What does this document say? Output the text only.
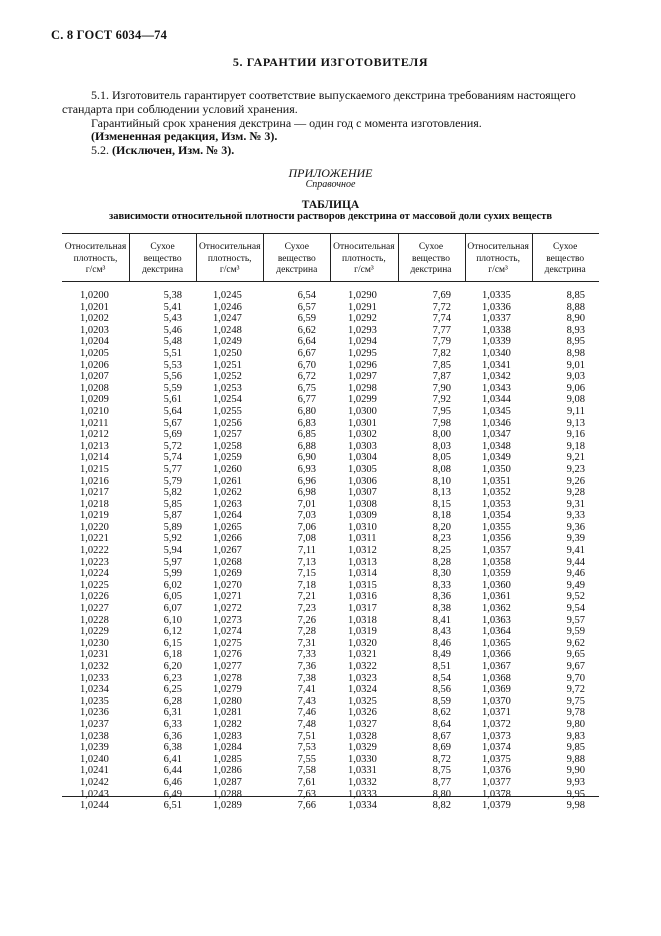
С. 8 ГОСТ 6034—74
5. ГАРАНТИИ ИЗГОТОВИТЕЛЯ
5.1. Изготовитель гарантирует соответствие выпускаемого декстрина требованиям настоящего
стандарта при соблюдении условий хранения.
Гарантийный срок хранения декстрина — один год с момента изготовления.
(Измененная редакция, Изм. № 3).
5.2. (Исключен, Изм. № 3).
ПРИЛОЖЕНИЕ
Справочное
ТАБЛИЦА
зависимости относительной плотности растворов декстрина от массовой доли сухих веществ
Относительная
плотность,
г/см³
Сухое
вещество
декстрина
Относительная
плотность,
г/см³
Сухое
вещество
декстрина
Относительная
плотность,
г/см³
Сухое
вещество
декстрина
Относительная
плотность,
г/см³
Сухое
вещество
декстрина
1,0200
1,0201
1,0202
1,0203
1,0204
1,0205
1,0206
1,0207
1,0208
1,0209
1,0210
1,0211
1,0212
1,0213
1,0214
1,0215
1,0216
1,0217
1,0218
1,0219
1,0220
1,0221
1,0222
1,0223
1,0224
1,0225
1,0226
1,0227
1,0228
1,0229
1,0230
1,0231
1,0232
1,0233
1,0234
1,0235
1,0236
1,0237
1,0238
1,0239
1,0240
1,0241
1,0242
1,0243
1,0244
5,38
5,41
5,43
5,46
5,48
5,51
5,53
5,56
5,59
5,61
5,64
5,67
5,69
5,72
5,74
5,77
5,79
5,82
5,85
5,87
5,89
5,92
5,94
5,97
5,99
6,02
6,05
6,07
6,10
6,12
6,15
6,18
6,20
6,23
6,25
6,28
6,31
6,33
6,36
6,38
6,41
6,44
6,46
6,49
6,51
1,0245
1,0246
1,0247
1,0248
1,0249
1,0250
1,0251
1,0252
1,0253
1,0254
1,0255
1,0256
1,0257
1,0258
1,0259
1,0260
1,0261
1,0262
1,0263
1,0264
1,0265
1,0266
1,0267
1,0268
1,0269
1,0270
1,0271
1,0272
1,0273
1,0274
1,0275
1,0276
1,0277
1,0278
1,0279
1,0280
1,0281
1,0282
1,0283
1,0284
1,0285
1,0286
1,0287
1,0288
1,0289
6,54
6,57
6,59
6,62
6,64
6,67
6,70
6,72
6,75
6,77
6,80
6,83
6,85
6,88
6,90
6,93
6,96
6,98
7,01
7,03
7,06
7,08
7,11
7,13
7,15
7,18
7,21
7,23
7,26
7,28
7,31
7,33
7,36
7,38
7,41
7,43
7,46
7,48
7,51
7,53
7,55
7,58
7,61
7,63
7,66
1,0290
1,0291
1,0292
1,0293
1,0294
1,0295
1,0296
1,0297
1,0298
1,0299
1,0300
1,0301
1,0302
1,0303
1,0304
1,0305
1,0306
1,0307
1,0308
1,0309
1,0310
1,0311
1,0312
1,0313
1,0314
1,0315
1,0316
1,0317
1,0318
1,0319
1,0320
1,0321
1,0322
1,0323
1,0324
1,0325
1,0326
1,0327
1,0328
1,0329
1,0330
1,0331
1,0332
1,0333
1,0334
7,69
7,72
7,74
7,77
7,79
7,82
7,85
7,87
7,90
7,92
7,95
7,98
8,00
8,03
8,05
8,08
8,10
8,13
8,15
8,18
8,20
8,23
8,25
8,28
8,30
8,33
8,36
8,38
8,41
8,43
8,46
8,49
8,51
8,54
8,56
8,59
8,62
8,64
8,67
8,69
8,72
8,75
8,77
8,80
8,82
1,0335
1,0336
1,0337
1,0338
1,0339
1,0340
1,0341
1,0342
1,0343
1,0344
1,0345
1,0346
1,0347
1,0348
1,0349
1,0350
1,0351
1,0352
1,0353
1,0354
1,0355
1,0356
1,0357
1,0358
1,0359
1,0360
1,0361
1,0362
1,0363
1,0364
1,0365
1,0366
1,0367
1,0368
1,0369
1,0370
1,0371
1,0372
1,0373
1,0374
1,0375
1,0376
1,0377
1,0378
1,0379
8,85
8,88
8,90
8,93
8,95
8,98
9,01
9,03
9,06
9,08
9,11
9,13
9,16
9,18
9,21
9,23
9,26
9,28
9,31
9,33
9,36
9,39
9,41
9,44
9,46
9,49
9,52
9,54
9,57
9,59
9,62
9,65
9,67
9,70
9,72
9,75
9,78
9,80
9,83
9,85
9,88
9,90
9,93
9,95
9,98
